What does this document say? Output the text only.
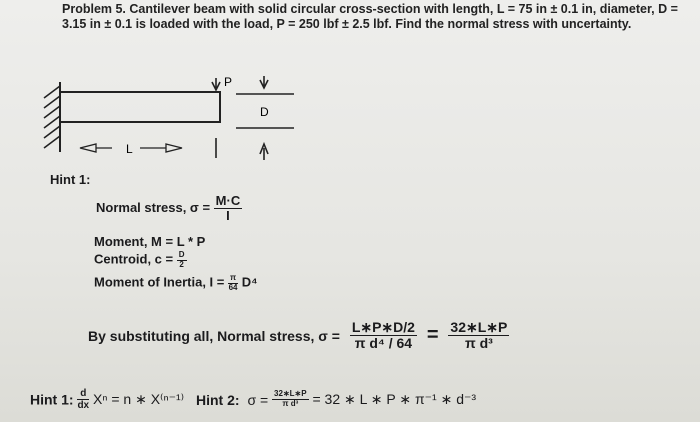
Problem 5. Cantilever beam with solid circular cross-section with length, L = 75 in ± 0.1 in, diameter, D = 3.15 in ± 0.1 is loaded with the load, P = 250 lbf ± 2.5 lbf. Find the normal stress with uncertainty.
P
L
D
Hint 1:
Normal stress, $\sigma = \frac{M\cdot C}{I}$
Moment, M = L * P
Centroid, $c = \frac{D}{2}$
Moment of Inertia, $I = \frac{\pi}{64} D^4$
By substituting all, Normal stress, $\sigma = \frac{L∗P∗D/2}{\text{π d⁴ / 64}} = \frac{32∗L∗P}{\text{π d³}}$
Hint 1: $\frac{d}{dx}$ Xⁿ = n ∗ X⁽ⁿ⁻¹⁾ Hint 2: $\sigma = \frac{32∗L∗P}{\text{π d³}} = 32$ ∗ L ∗ P ∗ π⁻¹ ∗ d⁻³
